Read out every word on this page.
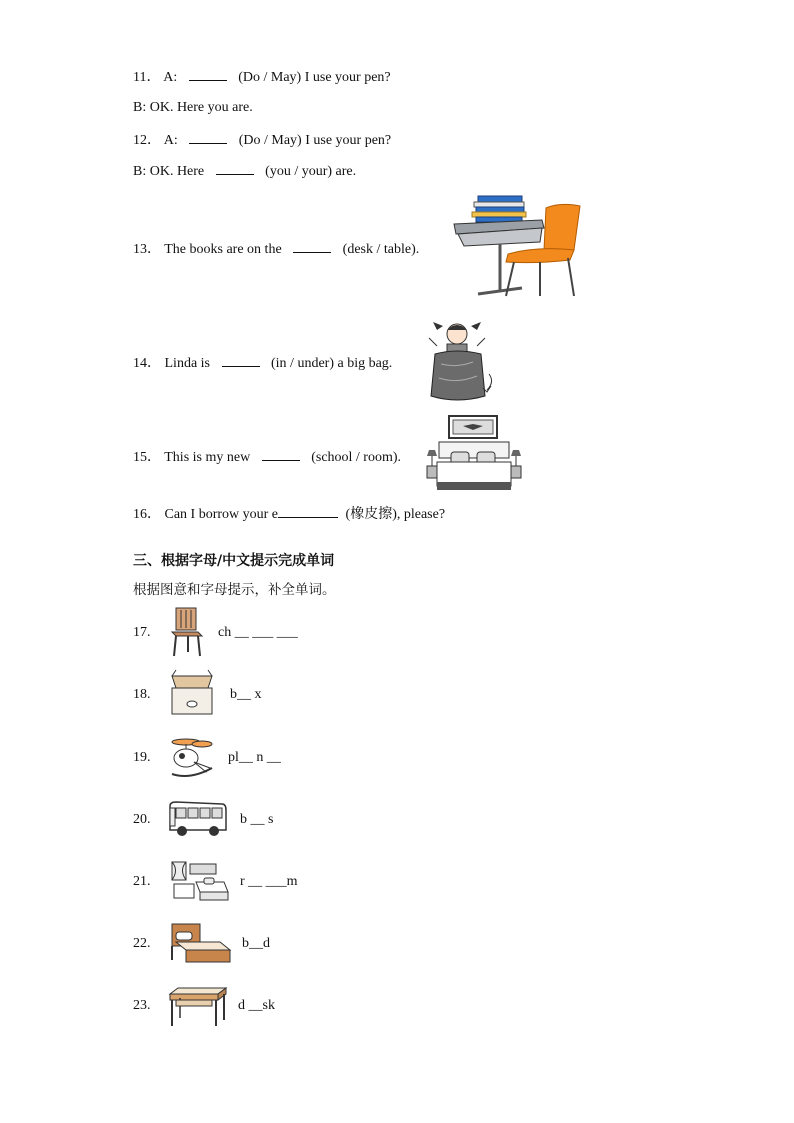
11． A:	(Do / May) I use your pen?
B: OK. Here you are.
12． A:	(Do / May) I use your pen?
B: OK. Here	(you / your) are.
13． The books are on the	(desk / table).
14． Linda is	(in / under) a big bag.
15． This is my new	(school / room).
16． Can I borrow your e	(橡皮擦), please?
三、根据字母/中文提示完成单词
根据图意和字母提示，补全单词。
17.	ch __ ___ ___
18.	b__ x
19.	pl__ n __
20.	b __ s
21.	r __ ___m
22.	b__d
23.	d __sk
